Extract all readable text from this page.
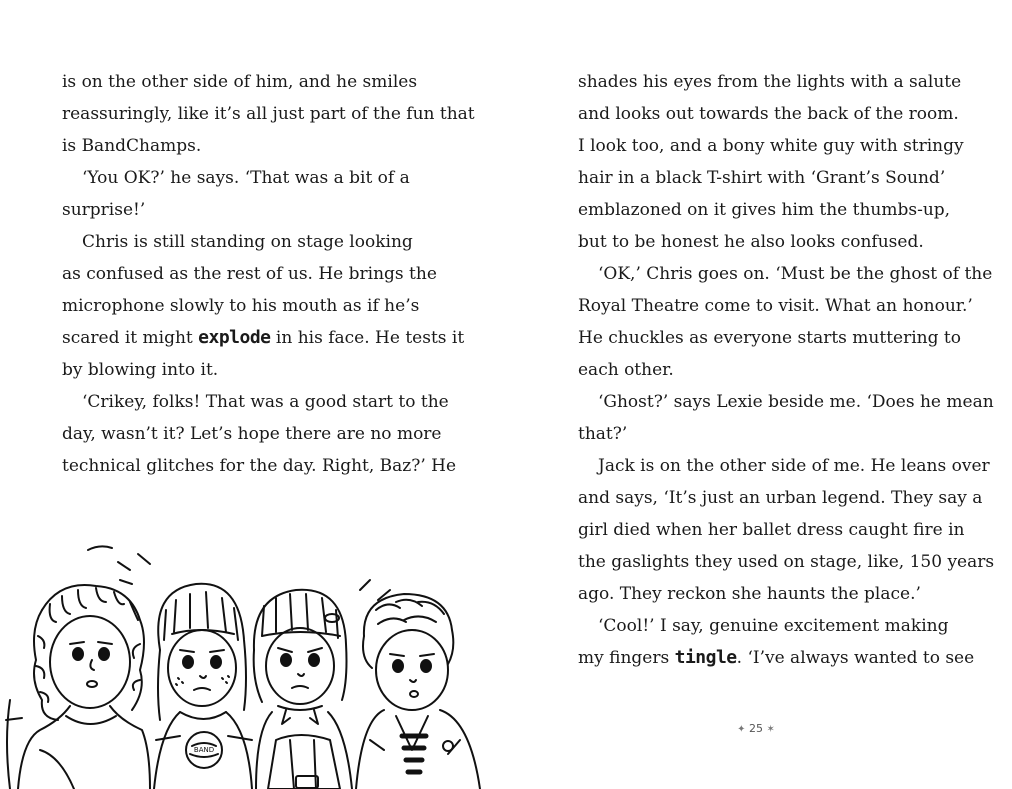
is on the other side of him, and he smiles
reassuringly, like it’s all just part of the fun that
is BandChamps.
‘You OK?’ he says. ‘That was a bit of a
surprise!’
Chris is still standing on stage looking
as confused as the rest of us. He brings the
microphone slowly to his mouth as if he’s
scared it might explode in his face. He tests it
by blowing into it.
‘Crikey, folks! That was a good start to the
day, wasn’t it? Let’s hope there are no more
technical glitches for the day. Right, Baz?’ He
shades his eyes from the lights with a salute
and looks out towards the back of the room.
I look too, and a bony white guy with stringy
hair in a black T-shirt with ‘Grant’s Sound’
emblazoned on it gives him the thumbs-up,
but to be honest he also looks confused.
‘OK,’ Chris goes on. ‘Must be the ghost of the
Royal Theatre come to visit. What an honour.’
He chuckles as everyone starts muttering to
each other.
‘Ghost?’ says Lexie beside me. ‘Does he mean
that?’
Jack is on the other side of me. He leans over
and says, ‘It’s just an urban legend. They say a
girl died when her ballet dress caught fire in
the gaslights they used on stage, like, 150 years
ago. They reckon she haunts the place.’
‘Cool!’ I say, genuine excitement making
my fingers tingle. ‘I’ve always wanted to see
BAND
✦ 25 ✶
